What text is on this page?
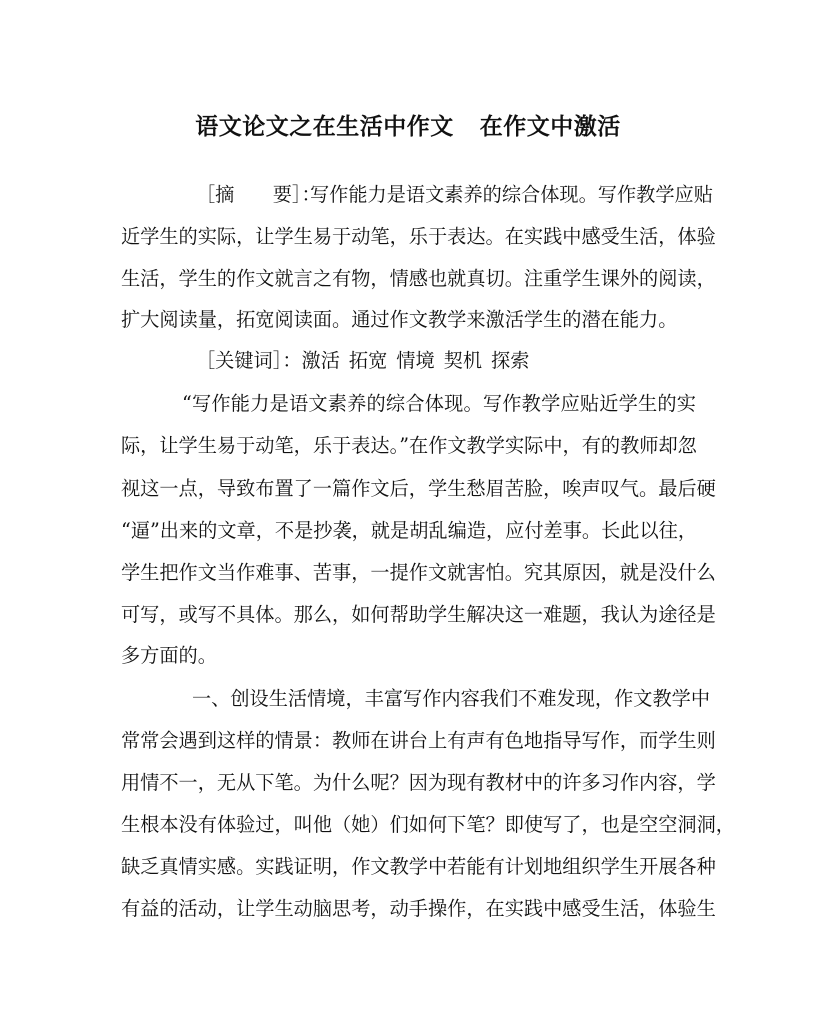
语文论文之在生活中作文 在作文中激活
［摘　　要］：
写作能力是语文素养的综合体现。写作教学应贴
近学生的实际，让学生易于动笔，乐于表达。在实践中感受生活，体验
生活，学生的作文就言之有物，情感也就真切。注重学生课外的阅读，
扩大阅读量，拓宽阅读面。通过作文教学来激活学生的潜在能力。
［关键词］：激活 拓宽 情境 契机 探索
“写作能力是语文素养的综合体现。写作教学应贴近学生的实
际，让学生易于动笔，乐于表达。”在作文教学实际中，有的教师却忽
视这一点，导致布置了一篇作文后，学生愁眉苦脸，唉声叹气。最后硬
“逼”出来的文章，不是抄袭，就是胡乱编造，应付差事。长此以往，
学生把作文当作难事、苦事，一提作文就害怕。究其原因，就是没什么
可写，或写不具体。那么，如何帮助学生解决这一难题，我认为途径是
多方面的。
一、创设生活情境，丰富写作内容我们不难发现，作文教学中
常常会遇到这样的情景：教师在讲台上有声有色地指导写作，而学生则
用情不一，无从下笔。为什么呢？因为现有教材中的许多习作内容，学
生根本没有体验过，叫他（她）们如何下笔？即使写了，也是空空洞洞，
缺乏真情实感。实践证明，作文教学中若能有计划地组织学生开展各种
有益的活动，让学生动脑思考，动手操作，在实践中感受生活，体验生
